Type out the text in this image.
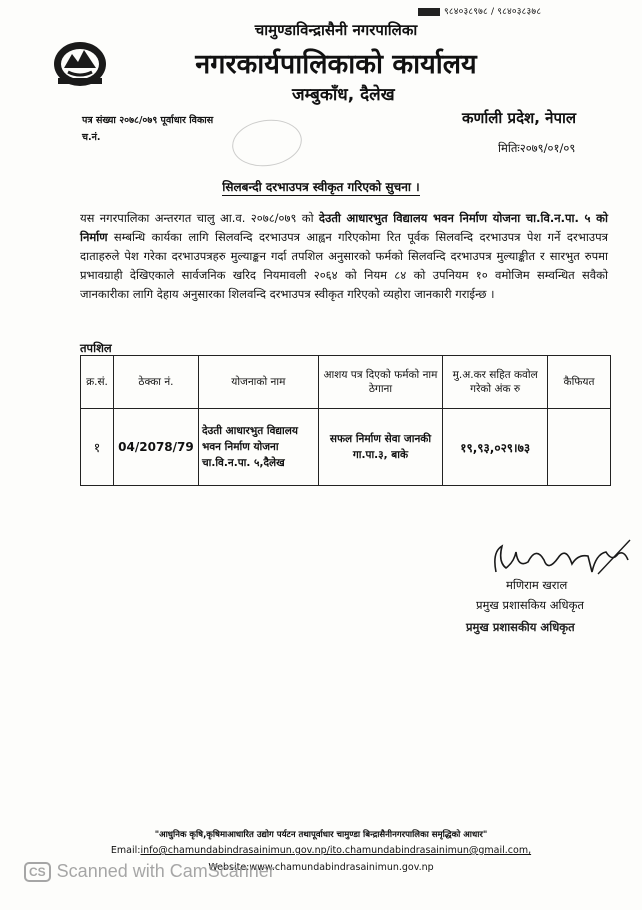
९८४०३८९७८ / ९८४०३८३७८
चामुण्डाविन्द्रासैनी नगरपालिका
नगरकार्यपालिकाको कार्यालय
जम्बुकाँध, दैलेख
पत्र संख्या २०७८/०७९ पूर्वाधार विकास
च.नं.
कर्णाली प्रदेश, नेपाल
मितिः२०७९/०१/०९
सिलबन्दी दरभाउपत्र स्वीकृत गरिएको सुचना ।
यस नगरपालिका अन्तरगत चालु आ.व. २०७८/०७९ को देउती आधारभुत विद्यालय भवन निर्माण योजना चा.वि.न.पा. ५ को निर्माण सम्बन्धि कार्यका लागि सिलवन्दि दरभाउपत्र आह्वन गरिएकोमा रित पूर्वक सिलवन्दि दरभाउपत्र पेश गर्ने दरभाउपत्र दाताहरुले पेश गरेका दरभाउपत्रहरु मुल्याङ्कन गर्दा तपशिल अनुसारको फर्मको सिलवन्दि दरभाउपत्र मुल्याङ्कीत र सारभुत रुपमा प्रभावग्राही देखिएकाले सार्वजनिक खरिद नियमावली २०६४ को नियम ८४ को उपनियम १० वमोजिम सम्वन्धित सवैको जानकारीका लागि देहाय अनुसारका शिलवन्दि दरभाउपत्र स्वीकृत गरिएको व्यहोरा जानकारी गराईन्छ ।
तपशिल
क्र.सं.	ठेक्का नं.	योजनाको नाम	आशय पत्र दिएको फर्मको नाम ठेगाना	मु.अ.कर सहित कवोल गरेको अंक रु	कैफियत
१	04/2078/79	देउती आधारभुत विद्यालय भवन निर्माण योजना चा.वि.न.पा. ५,दैलेख	सफल निर्माण सेवा जानकी गा.पा.३, बाके	१९,९३,०२९।७३	
मणिराम खराल
प्रमुख प्रशासकिय अधिकृत
प्रमुख प्रशासकीय अधिकृत
"आधुनिक कृषि,कृषिमाआधारित उद्योग पर्यटन तथापूर्वाधार चामुण्डा बिन्द्रासैनीनगरपालिका समृद्धिको आधार"
Email:info@chamundabindrasainimun.gov.np/ito.chamundabindrasainimun@gmail.com,
Website:www.chamundabindrasainimun.gov.np
CS Scanned with CamScanner
